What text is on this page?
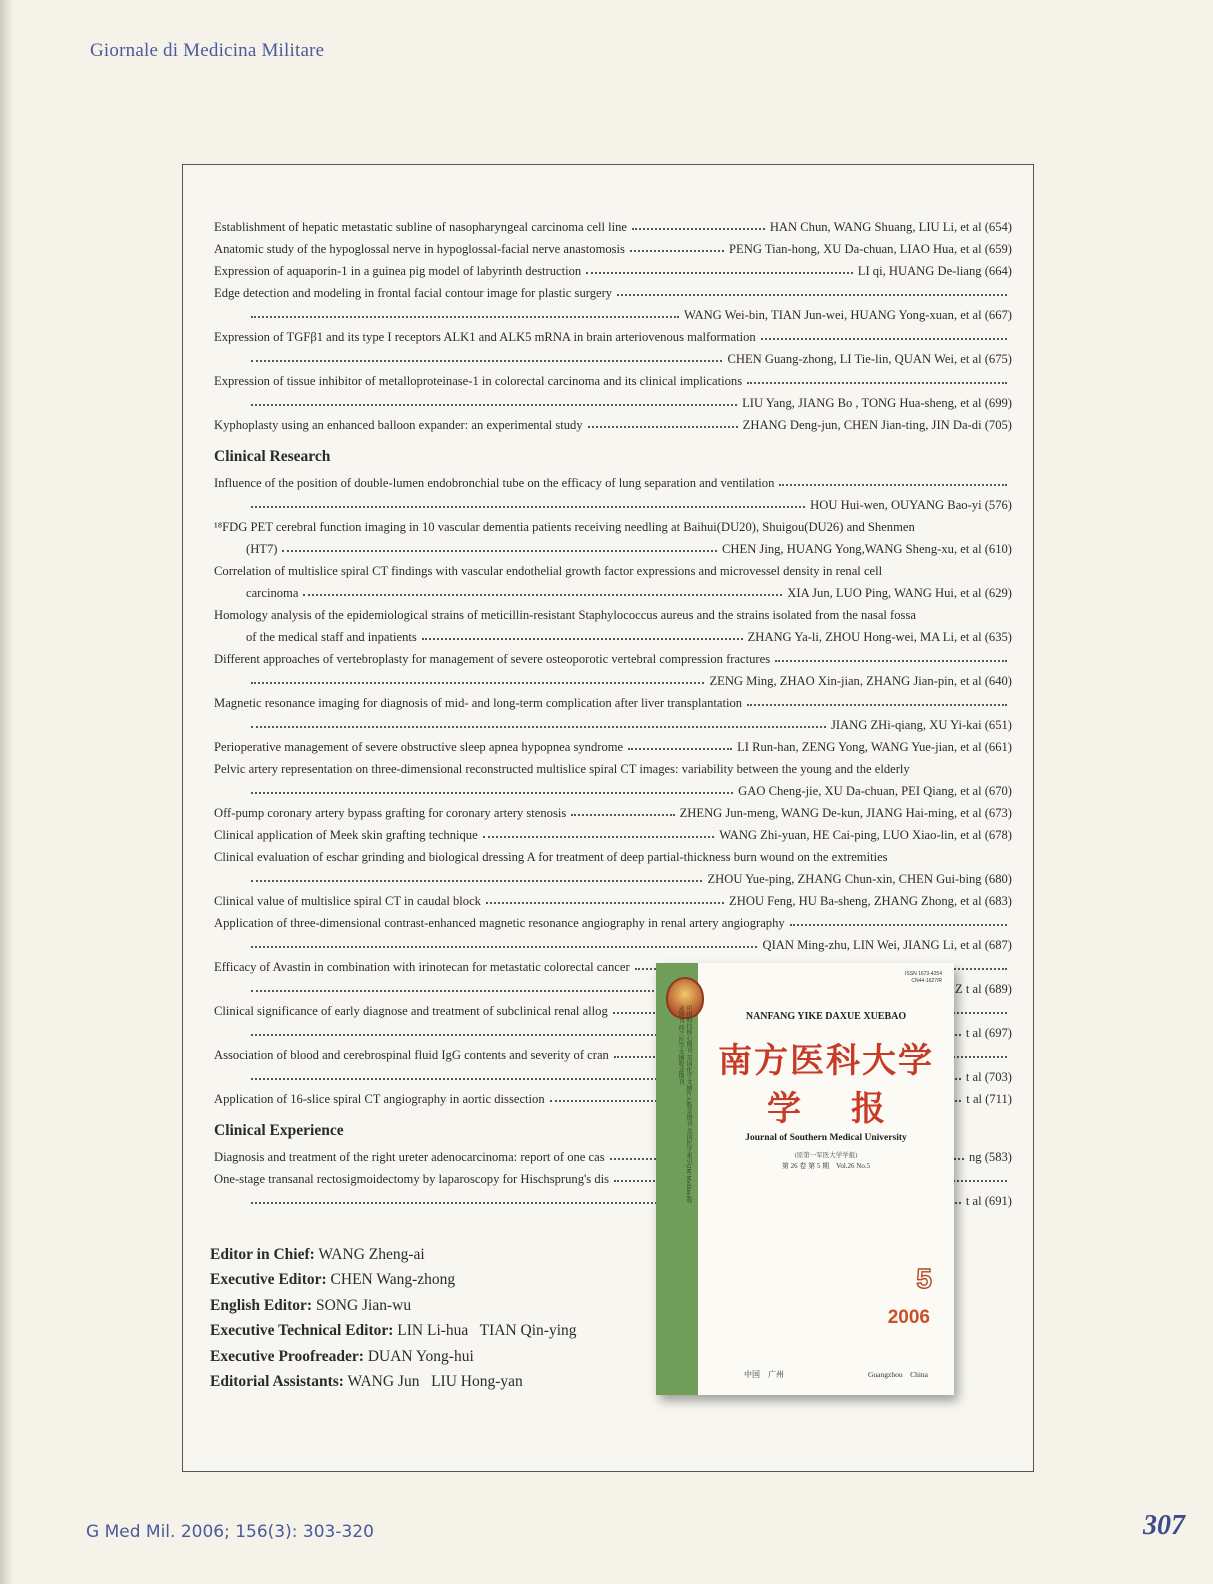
Giornale di Medicina Militare
Establishment of hepatic metastatic subline of nasopharyngeal carcinoma cell line	HAN Chun, WANG Shuang, LIU Li, et al (654)
Anatomic study of the hypoglossal nerve in hypoglossal-facial nerve anastomosis	PENG Tian-hong, XU Da-chuan, LIAO Hua, et al (659)
Expression of aquaporin-1 in a guinea pig model of labyrinth destruction	LI qi, HUANG De-liang (664)
Edge detection and modeling in frontal facial contour image for plastic surgery
WANG Wei-bin, TIAN Jun-wei, HUANG Yong-xuan, et al (667)
Expression of TGFβ1 and its type I receptors ALK1 and ALK5 mRNA in brain arteriovenous malformation
CHEN Guang-zhong, LI Tie-lin, QUAN Wei, et al (675)
Expression of tissue inhibitor of metalloproteinase-1 in colorectal carcinoma and its clinical implications
LIU Yang, JIANG Bo , TONG Hua-sheng, et al (699)
Kyphoplasty using an enhanced balloon expander: an experimental study	ZHANG Deng-jun, CHEN Jian-ting, JIN Da-di (705)
Clinical Research
Influence of the position of double-lumen endobronchial tube on the efficacy of lung separation and ventilation
HOU Hui-wen, OUYANG Bao-yi (576)
¹⁸FDG PET cerebral function imaging in 10 vascular dementia patients receiving needling at Baihui(DU20), Shuigou(DU26) and Shenmen
(HT7)	CHEN Jing, HUANG Yong,WANG Sheng-xu, et al (610)
Correlation of multislice spiral CT findings with vascular endothelial growth factor expressions and microvessel density in renal cell
carcinoma	XIA Jun, LUO Ping, WANG Hui, et al (629)
Homology analysis of the epidemiological strains of meticillin-resistant Staphylococcus aureus and the strains isolated from the nasal fossa
of the medical staff and inpatients	ZHANG Ya-li, ZHOU Hong-wei, MA Li, et al (635)
Different approaches of vertebroplasty for management of severe osteoporotic vertebral compression fractures
ZENG Ming, ZHAO Xin-jian, ZHANG Jian-pin, et al (640)
Magnetic resonance imaging for diagnosis of mid- and long-term complication after liver transplantation
JIANG ZHi-qiang, XU Yi-kai (651)
Perioperative management of severe obstructive sleep apnea hypopnea syndrome	LI Run-han, ZENG Yong, WANG Yue-jian, et al (661)
Pelvic artery representation on three-dimensional reconstructed multislice spiral CT images: variability between the young and the elderly
GAO Cheng-jie, XU Da-chuan, PEI Qiang, et al (670)
Off-pump coronary artery bypass grafting for coronary artery stenosis	ZHENG Jun-meng, WANG De-kun, JIANG Hai-ming, et al (673)
Clinical application of Meek skin grafting technique	WANG Zhi-yuan, HE Cai-ping, LUO Xiao-lin, et al (678)
Clinical evaluation of eschar grinding and biological dressing A for treatment of deep partial-thickness burn wound on the extremities
ZHOU Yue-ping, ZHANG Chun-xin, CHEN Gui-bing (680)
Clinical value of multislice spiral CT in caudal block	ZHOU Feng, HU Ba-sheng, ZHANG Zhong, et al (683)
Application of three-dimensional contrast-enhanced magnetic resonance angiography in renal artery angiography
QIAN Ming-zhu, LIN Wei, JIANG Li, et al (687)
Efficacy of Avastin in combination with irinotecan for metastatic colorectal cancer
Z t al (689)
Clinical significance of early diagnose and treatment of subclinical renal allog
t al (697)
Association of blood and cerebrospinal fluid IgG contents and severity of cran
t al (703)
Application of 16-slice spiral CT angiography in aortic dissection	t al (711)
Clinical Experience
Diagnosis and treatment of the right ureter adenocarcinoma: report of one cas	ng (583)
One-stage transanal rectosigmoidectomy by laparoscopy for Hischsprung's dis
t al (691)
Editor in Chief: WANG Zheng-ai
Executive Editor: CHEN Wang-zhong
English Editor: SONG Jian-wu
Executive Technical Editor: LIN Li-hua   TIAN Qin-ying
Executive Proofreader: DUAN Yong-hui
Editorial Assistants: WANG Jun   LIU Hong-yan
中国科技核心期刊 美国化学文摘(CA)收录期刊 美国医学索引(IM/Medline)收录期刊 荷兰医学文摘收录期刊
ISSN 1673-4254
CN44-1627/R
NANFANG YIKE DAXUE XUEBAO
南方医科大学
学报
Journal of Southern Medical University
(原第一军医大学学报)
第 26 卷 第 5 期    Vol.26 No.5
5
2006
中国    广州	Guangzhou    China
G Med Mil. 2006; 156(3): 303-320	307
